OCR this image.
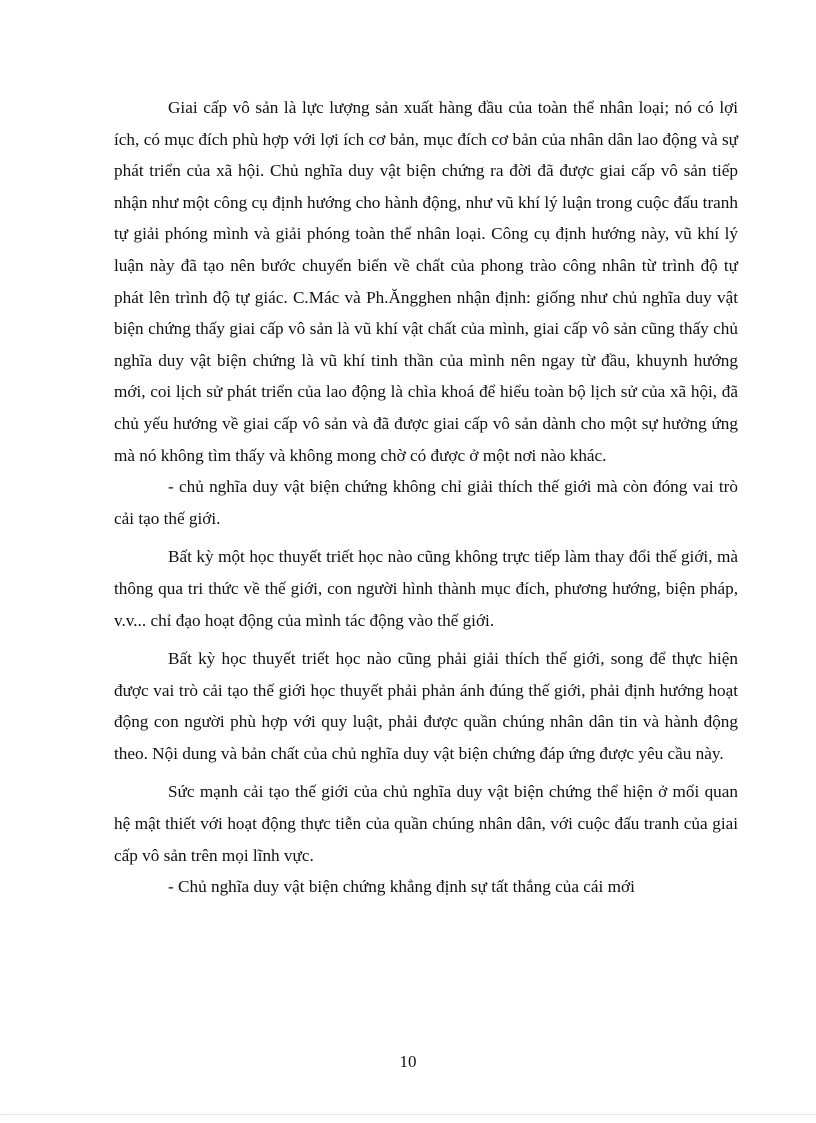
Giai cấp vô sản là lực lượng sản xuất hàng đầu của toàn thể nhân loại; nó có lợi ích, có mục đích phù hợp với lợi ích cơ bản, mục đích cơ bản của nhân dân lao động và sự phát triển của xã hội. Chủ nghĩa duy vật biện chứng ra đời đã được giai cấp vô sản tiếp nhận như một công cụ định hướng cho hành động, như vũ khí lý luận trong cuộc đấu tranh tự giải phóng mình và giải phóng toàn thể nhân loại. Công cụ định hướng này, vũ khí lý luận này đã tạo nên bước chuyển biến về chất của phong trào công nhân từ trình độ tự phát lên trình độ tự giác. C.Mác và Ph.Ăngghen nhận định: giống như chủ nghĩa duy vật biện chứng thấy giai cấp vô sản là vũ khí vật chất của mình, giai cấp vô sản cũng thấy chủ nghĩa duy vật biện chứng là vũ khí tinh thần của mình nên ngay từ đầu, khuynh hướng mới, coi lịch sử phát triển của lao động là chìa khoá để hiểu toàn bộ lịch sử của xã hội, đã chủ yếu hướng về giai cấp vô sản và đã được giai cấp vô sản dành cho một sự hưởng ứng mà nó không tìm thấy và không mong chờ có được ở một nơi nào khác.

- chủ nghĩa duy vật biện chứng không chỉ giải thích thế giới mà còn đóng vai trò cải tạo thế giới.

Bất kỳ một học thuyết triết học nào cũng không trực tiếp làm thay đổi thế giới, mà thông qua tri thức về thế giới, con người hình thành mục đích, phương hướng, biện pháp, v.v... chỉ đạo hoạt động của mình tác động vào thế giới.

Bất kỳ học thuyết triết học nào cũng phải giải thích thế giới, song để thực hiện được vai trò cải tạo thế giới học thuyết phải phản ánh đúng thế giới, phải định hướng hoạt động con người phù hợp với quy luật, phải được quần chúng nhân dân tin và hành động theo. Nội dung và bản chất của chủ nghĩa duy vật biện chứng đáp ứng được yêu cầu này.

Sức mạnh cải tạo thế giới của chủ nghĩa duy vật biện chứng thể hiện ở mối quan hệ mật thiết với hoạt động thực tiễn của quần chúng nhân dân, với cuộc đấu tranh của giai cấp vô sản trên mọi lĩnh vực.

- Chủ nghĩa duy vật biện chứng khẳng định sự tất thắng của cái mới

10
